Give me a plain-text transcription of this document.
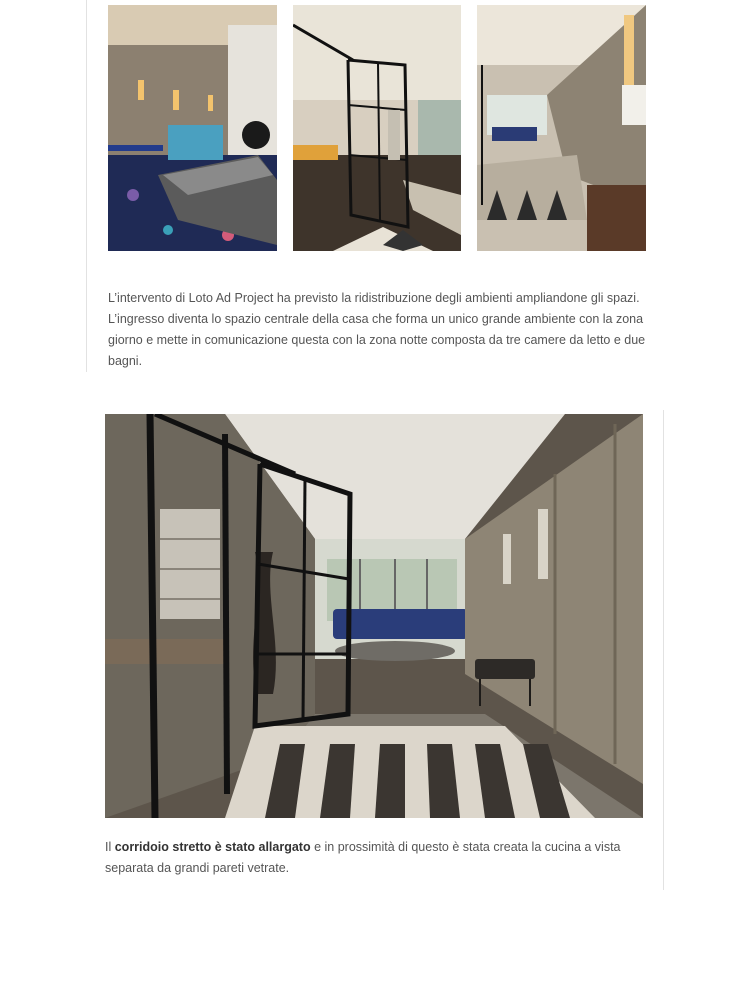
L’intervento di Loto Ad Project ha previsto la ridistribuzione degli ambienti ampliandone gli spazi. L’ingresso diventa lo spazio centrale della casa che forma un unico grande ambiente con la zona giorno e mette in comunicazione questa con la zona notte composta da tre camere da letto e due bagni.

Il corridoio stretto è stato allargato e in prossimità di questo è stata creata la cucina a vista separata da grandi pareti vetrate.
